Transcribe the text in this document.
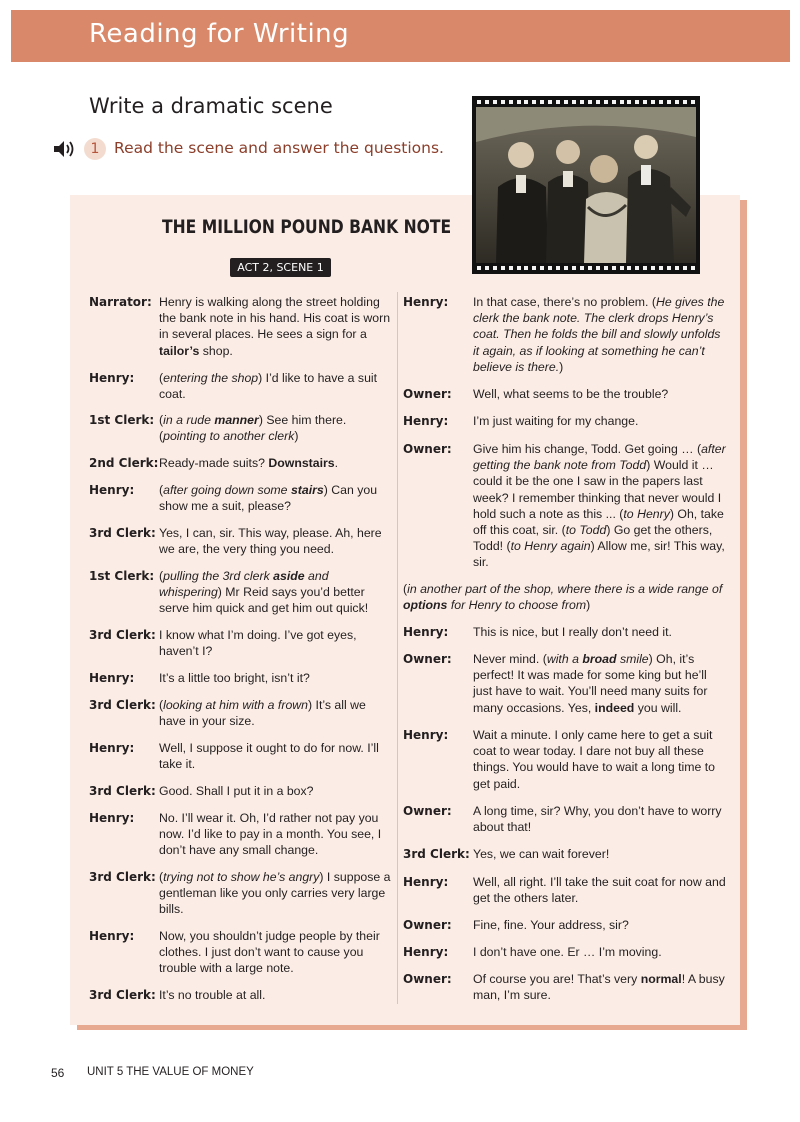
Reading for Writing
Write a dramatic scene
1 Read the scene and answer the questions.
THE MILLION POUND BANK NOTE
ACT 2, SCENE 1
56 UNIT 5 THE VALUE OF MONEY
Narrator: Henry is walking along the street holding the bank note in his hand. His coat is worn in several places. He sees a sign for a tailor’s shop.
Henry: (entering the shop) I’d like to have a suit coat.
1st Clerk: (in a rude manner) See him there. (pointing to another clerk)
2nd Clerk: Ready-made suits? Downstairs.
Henry: (after going down some stairs) Can you show me a suit, please?
3rd Clerk: Yes, I can, sir. This way, please. Ah, here we are, the very thing you need.
1st Clerk: (pulling the 3rd clerk aside and whispering) Mr Reid says you’d better serve him quick and get him out quick!
3rd Clerk: I know what I’m doing. I’ve got eyes, haven’t I?
Henry: It’s a little too bright, isn’t it?
3rd Clerk: (looking at him with a frown) It’s all we have in your size.
Henry: Well, I suppose it ought to do for now. I’ll take it.
3rd Clerk: Good. Shall I put it in a box?
Henry: No. I’ll wear it. Oh, I’d rather not pay you now. I’d like to pay in a month. You see, I don’t have any small change.
3rd Clerk: (trying not to show he’s angry) I suppose a gentleman like you only carries very large bills.
Henry: Now, you shouldn’t judge people by their clothes. I just don’t want to cause you trouble with a large note.
3rd Clerk: It’s no trouble at all.
Henry: In that case, there’s no problem. (He gives the clerk the bank note. The clerk drops Henry’s coat. Then he folds the bill and slowly unfolds it again, as if looking at something he can’t believe is there.)
Owner: Well, what seems to be the trouble?
Henry: I’m just waiting for my change.
Owner: Give him his change, Todd. Get going … (after getting the bank note from Todd) Would it … could it be the one I saw in the papers last week? I remember thinking that never would I hold such a note as this ... (to Henry) Oh, take off this coat, sir. (to Todd) Go get the others, Todd! (to Henry again) Allow me, sir! This way, sir.
(in another part of the shop, where there is a wide range of options for Henry to choose from)
Henry: This is nice, but I really don’t need it.
Owner: Never mind. (with a broad smile) Oh, it’s perfect! It was made for some king but he’ll just have to wait. You’ll need many suits for many occasions. Yes, indeed you will.
Henry: Wait a minute. I only came here to get a suit coat to wear today. I dare not buy all these things. You would have to wait a long time to get paid.
Owner: A long time, sir? Why, you don’t have to worry about that!
3rd Clerk: Yes, we can wait forever!
Henry: Well, all right. I’ll take the suit coat for now and get the others later.
Owner: Fine, fine. Your address, sir?
Henry: I don’t have one. Er … I’m moving.
Owner: Of course you are! That’s very normal! A busy man, I’m sure.
